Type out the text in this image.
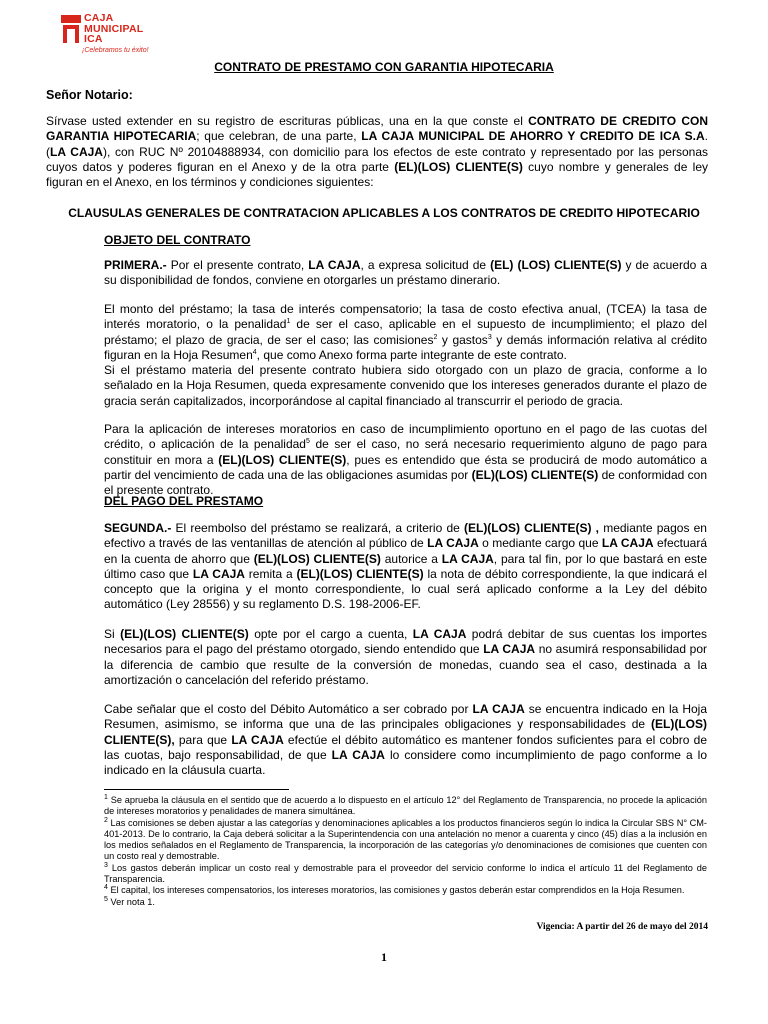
CAJA
MUNICIPAL
ICA
¡Celebramos tu éxito!
CONTRATO DE PRESTAMO CON GARANTIA HIPOTECARIA
Señor Notario:
Sírvase usted extender en su registro de escrituras públicas, una en la que conste el CONTRATO DE CREDITO CON GARANTIA HIPOTECARIA; que celebran, de una parte, LA CAJA MUNICIPAL DE AHORRO Y CREDITO DE ICA S.A. (LA CAJA), con RUC Nº 20104888934, con domicilio para los efectos de este contrato y representado por las personas cuyos datos y poderes figuran en el Anexo y de la otra parte (EL)(LOS) CLIENTE(S) cuyo nombre y generales de ley figuran en el Anexo, en los términos y condiciones siguientes:
CLAUSULAS GENERALES DE CONTRATACION APLICABLES A LOS CONTRATOS DE CREDITO HIPOTECARIO
OBJETO DEL CONTRATO
PRIMERA.- Por el presente contrato, LA CAJA, a expresa solicitud de (EL) (LOS) CLIENTE(S) y de acuerdo a su disponibilidad de fondos, conviene en otorgarles un préstamo dinerario.
El monto del préstamo; la tasa de interés compensatorio; la tasa de costo efectiva anual, (TCEA) la tasa de interés moratorio, o la penalidad$^1$ de ser el caso, aplicable en el supuesto de incumplimiento; el plazo del préstamo; el plazo de gracia, de ser el caso; las comisiones$^2$ y gastos$^3$ y demás información relativa al crédito figuran en la Hoja Resumen$^4$, que como Anexo forma parte integrante de este contrato.
Si el préstamo materia del presente contrato hubiera sido otorgado con un plazo de gracia, conforme a lo señalado en la Hoja Resumen, queda expresamente convenido que los intereses generados durante el plazo de gracia serán capitalizados, incorporándose al capital financiado al transcurrir el periodo de gracia.
Para la aplicación de intereses moratorios en caso de incumplimiento oportuno en el pago de las cuotas del crédito, o aplicación de la penalidad$^5$ de ser el caso, no será necesario requerimiento alguno de pago para constituir en mora a (EL)(LOS) CLIENTE(S), pues es entendido que ésta se producirá de modo automático a partir del vencimiento de cada una de las obligaciones asumidas por (EL)(LOS) CLIENTE(S) de conformidad con el presente contrato.
DEL PAGO DEL PRESTAMO
SEGUNDA.- El reembolso del préstamo se realizará, a criterio de (EL)(LOS) CLIENTE(S) , mediante pagos en efectivo a través de las ventanillas de atención al público de LA CAJA o mediante cargo que LA CAJA efectuará en la cuenta de ahorro que (EL)(LOS) CLIENTE(S) autorice a LA CAJA, para tal fin, por lo que bastará en este último caso que LA CAJA remita a (EL)(LOS) CLIENTE(S) la nota de débito correspondiente, la que indicará el concepto que la origina y el monto correspondiente, lo cual será aplicado conforme a la Ley del débito automático (Ley 28556) y su reglamento D.S. 198-2006-EF.
Si (EL)(LOS) CLIENTE(S) opte por el cargo a cuenta, LA CAJA podrá debitar de sus cuentas los importes necesarios para el pago del préstamo otorgado, siendo entendido que LA CAJA no asumirá responsabilidad por la diferencia de cambio que resulte de la conversión de monedas, cuando sea el caso, destinada a la amortización o cancelación del referido préstamo.
Cabe señalar que el costo del Débito Automático a ser cobrado por LA CAJA se encuentra indicado en la Hoja Resumen, asimismo, se informa que una de las principales obligaciones y responsabilidades de (EL)(LOS) CLIENTE(S), para que LA CAJA efectúe el débito automático es mantener fondos suficientes para el cobro de las cuotas, bajo responsabilidad, de que LA CAJA lo considere como incumplimiento de pago conforme a lo indicado en la cláusula cuarta.

$^1$ Se aprueba la cláusula en el sentido que de acuerdo a lo dispuesto en el artículo 12° del Reglamento de Transparencia, no procede la aplicación de intereses moratorios y penalidades de manera simultánea.

$^2$ Las comisiones se deben ajustar a las categorías y denominaciones aplicables a los productos financieros según lo indica la Circular SBS N° CM-401-2013. De lo contrario, la Caja deberá solicitar a la Superintendencia con una antelación no menor a cuarenta y cinco (45) días a la inclusión en los medios señalados en el Reglamento de Transparencia, la incorporación de las categorías y/o denominaciones de comisiones que cuenten con un costo real y demostrable.

$^3$ Los gastos deberán implicar un costo real y demostrable para el proveedor del servicio conforme lo indica el artículo 11 del Reglamento de Transparencia.

$^4$ El capital, los intereses compensatorios, los intereses moratorios, las comisiones y gastos deberán estar comprendidos en la Hoja Resumen.

$^5$ Ver nota 1.

Vigencia: A partir del 26 de mayo del 2014
1
